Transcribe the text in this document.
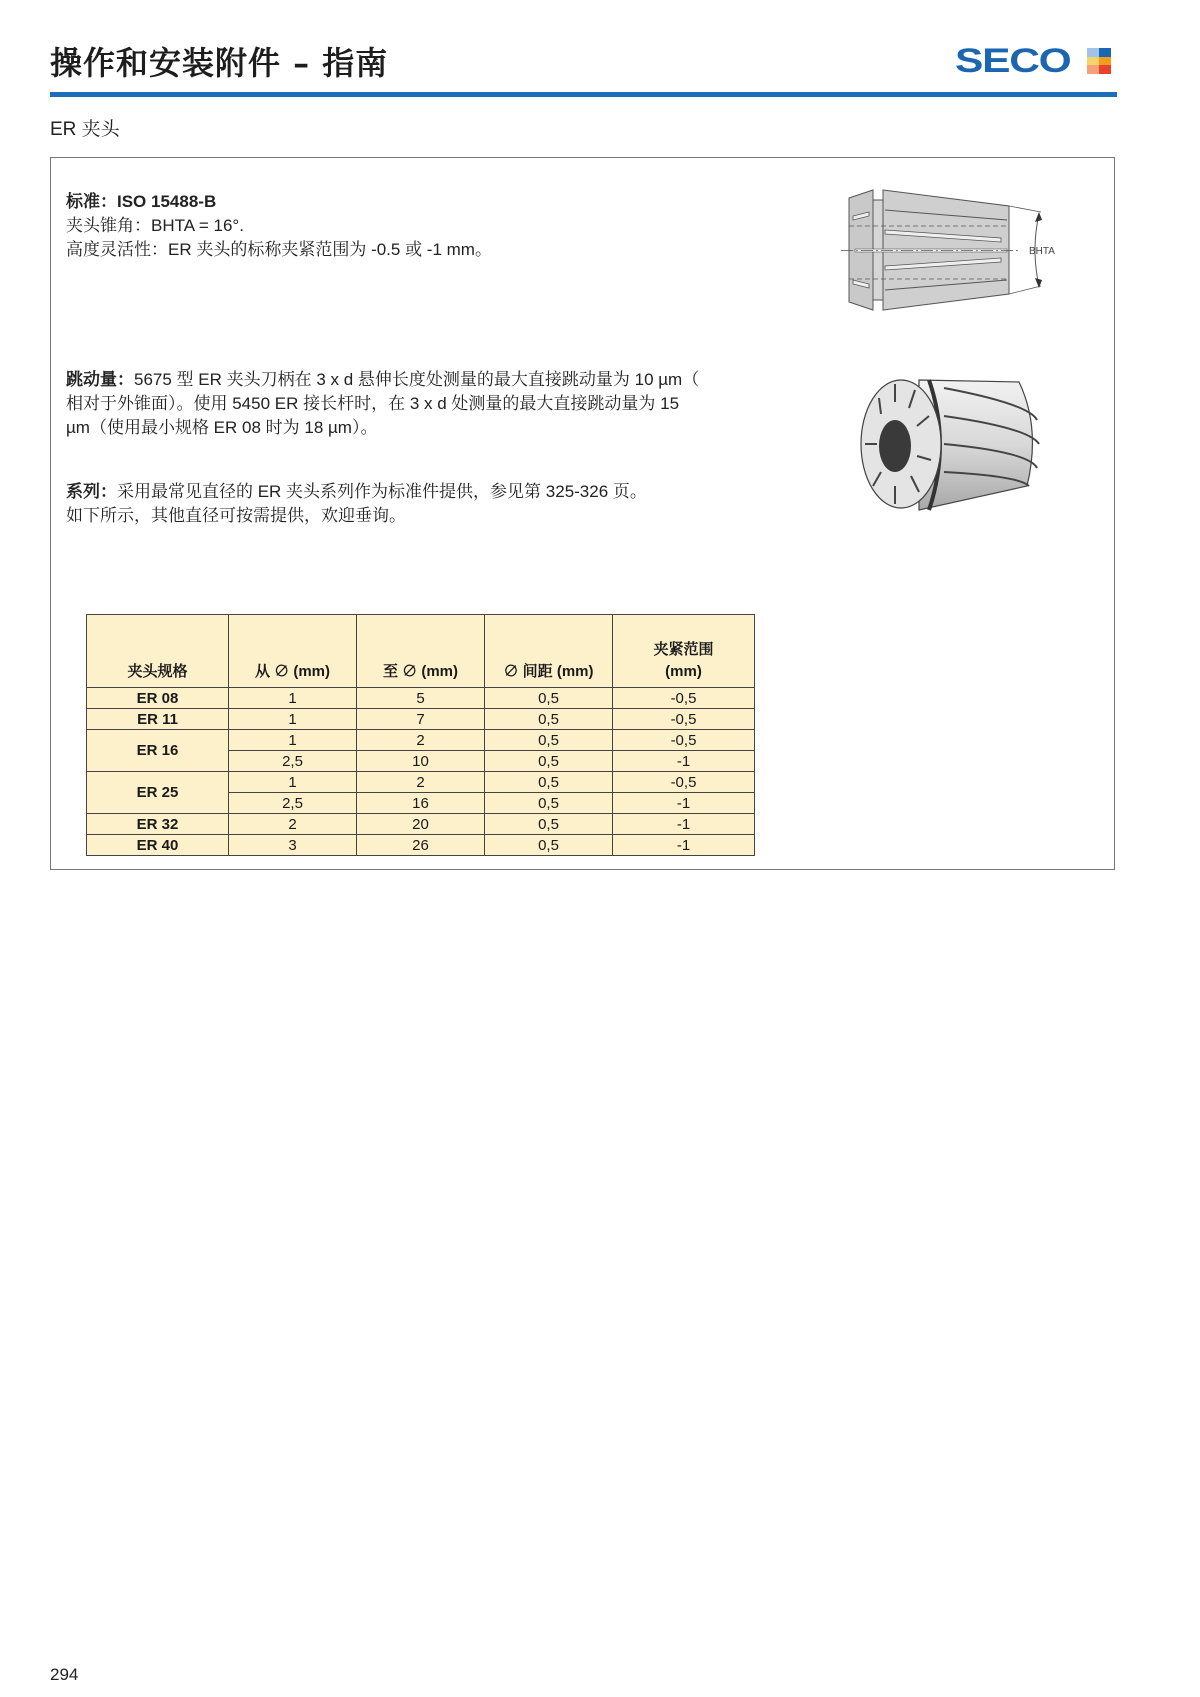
操作和安装附件 – 指南	SECO
ER 夹头
标准：ISO 15488-B
夹头锥角：BHTA = 16°.
高度灵活性：ER 夹头的标称夹紧范围为 -0.5 或 -1 mm。
跳动量：5675 型 ER 夹头刀柄在 3 x d 悬伸长度处测量的最大直接跳动量为 10 µm（
相对于外锥面）。使用 5450 ER 接长杆时，在 3 x d 处测量的最大直接跳动量为 15
µm（使用最小规格 ER 08 时为 18 µm）。
系列：采用最常见直径的 ER 夹头系列作为标准件提供，参见第 325-326 页。
如下所示，其他直径可按需提供，欢迎垂询。
BHTA
夹头规格	从 ∅ (mm)	至 ∅ (mm)	∅ 间距 (mm)	夹紧范围
(mm)
ER 08	1	5	0,5	-0,5
ER 11	1	7	0,5	-0,5
ER 16	1	2	0,5	-0,5
	2,5	10	0,5	-1
ER 25	1	2	0,5	-0,5
	2,5	16	0,5	-1
ER 32	2	20	0,5	-1
ER 40	3	26	0,5	-1
294
